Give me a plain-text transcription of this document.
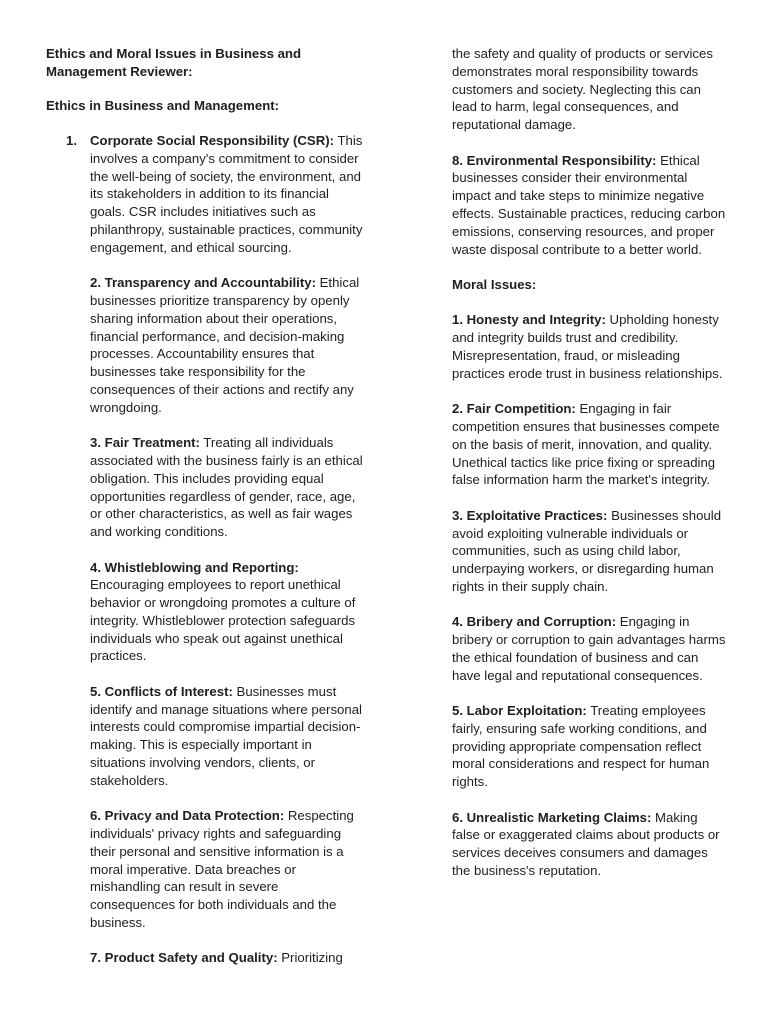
Ethics and Moral Issues in Business and Management Reviewer:

Ethics in Business and Management:

1. Corporate Social Responsibility (CSR): This involves a company's commitment to consider the well-being of society, the environment, and its stakeholders in addition to its financial goals. CSR includes initiatives such as philanthropy, sustainable practices, community engagement, and ethical sourcing.

2. Transparency and Accountability: Ethical businesses prioritize transparency by openly sharing information about their operations, financial performance, and decision-making processes. Accountability ensures that businesses take responsibility for the consequences of their actions and rectify any wrongdoing.

3. Fair Treatment: Treating all individuals associated with the business fairly is an ethical obligation. This includes providing equal opportunities regardless of gender, race, age, or other characteristics, as well as fair wages and working conditions.

4. Whistleblowing and Reporting: Encouraging employees to report unethical behavior or wrongdoing promotes a culture of integrity. Whistleblower protection safeguards individuals who speak out against unethical practices.

5. Conflicts of Interest: Businesses must identify and manage situations where personal interests could compromise impartial decision-making. This is especially important in situations involving vendors, clients, or stakeholders.

6. Privacy and Data Protection: Respecting individuals' privacy rights and safeguarding their personal and sensitive information is a moral imperative. Data breaches or mishandling can result in severe consequences for both individuals and the business.

7. Product Safety and Quality: Prioritizing

the safety and quality of products or services demonstrates moral responsibility towards customers and society. Neglecting this can lead to harm, legal consequences, and reputational damage.

8. Environmental Responsibility: Ethical businesses consider their environmental impact and take steps to minimize negative effects. Sustainable practices, reducing carbon emissions, conserving resources, and proper waste disposal contribute to a better world.

Moral Issues:

1. Honesty and Integrity: Upholding honesty and integrity builds trust and credibility. Misrepresentation, fraud, or misleading practices erode trust in business relationships.

2. Fair Competition: Engaging in fair competition ensures that businesses compete on the basis of merit, innovation, and quality. Unethical tactics like price fixing or spreading false information harm the market's integrity.

3. Exploitative Practices: Businesses should avoid exploiting vulnerable individuals or communities, such as using child labor, underpaying workers, or disregarding human rights in their supply chain.

4. Bribery and Corruption: Engaging in bribery or corruption to gain advantages harms the ethical foundation of business and can have legal and reputational consequences.

5. Labor Exploitation: Treating employees fairly, ensuring safe working conditions, and providing appropriate compensation reflect moral considerations and respect for human rights.

6. Unrealistic Marketing Claims: Making false or exaggerated claims about products or services deceives consumers and damages the business's reputation.
